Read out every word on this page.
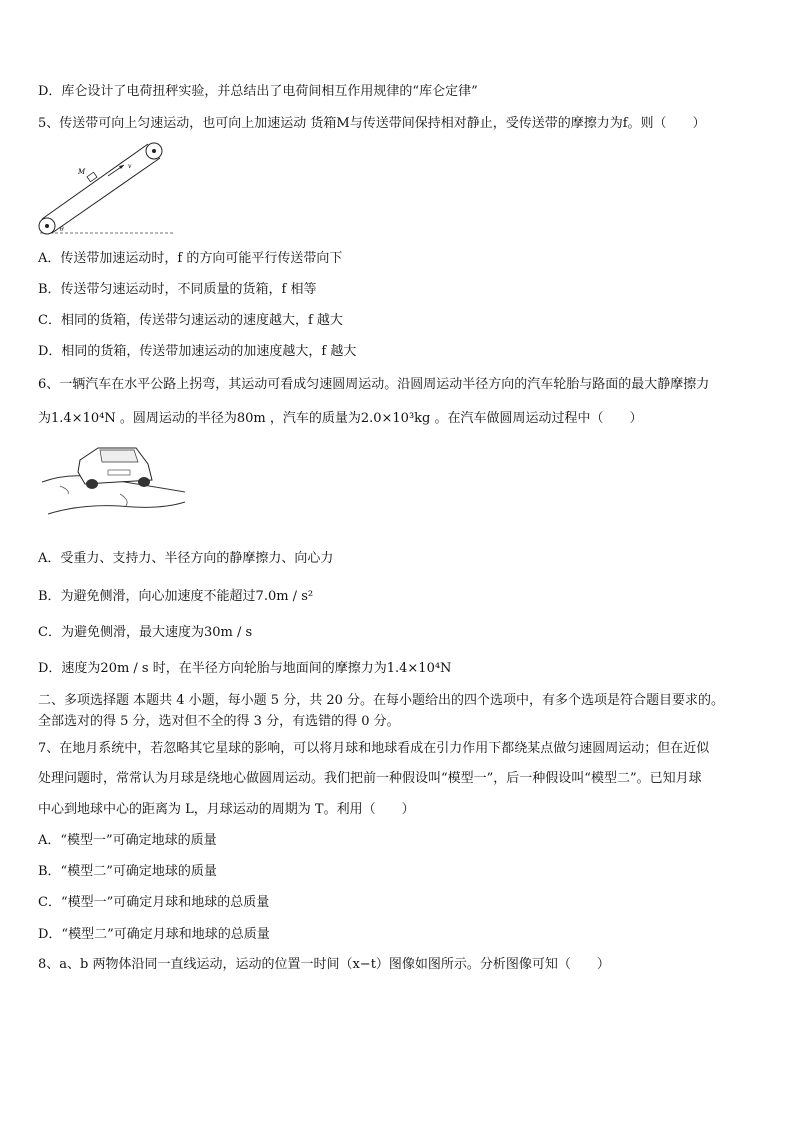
D．库仑设计了电荷扭秤实验，并总结出了电荷间相互作用规律的“库仑定律”
5、传送带可向上匀速运动，也可向上加速运动 货箱M与传送带间保持相对静止，受传送带的摩擦力为f。则（　　）
M
v
θ
A．传送带加速运动时，f 的方向可能平行传送带向下
B．传送带匀速运动时，不同质量的货箱，f 相等
C．相同的货箱，传送带匀速运动的速度越大，f 越大
D．相同的货箱，传送带加速运动的加速度越大，f 越大
6、一辆汽车在水平公路上拐弯，其运动可看成匀速圆周运动。沿圆周运动半径方向的汽车轮胎与路面的最大静摩擦力
为1.4×10⁴N 。圆周运动的半径为80m ，汽车的质量为2.0×10³kg 。在汽车做圆周运动过程中（　　）
A．受重力、支持力、半径方向的静摩擦力、向心力
B．为避免侧滑，向心加速度不能超过7.0m / s²
C．为避免侧滑，最大速度为30m / s
D．速度为20m / s 时，在半径方向轮胎与地面间的摩擦力为1.4×10⁴N
二、多项选择题 本题共 4 小题，每小题 5 分，共 20 分。在每小题给出的四个选项中，有多个选项是符合题目要求的。
全部选对的得 5 分，选对但不全的得 3 分，有选错的得 0 分。
7、在地月系统中，若忽略其它星球的影响，可以将月球和地球看成在引力作用下都绕某点做匀速圆周运动；但在近似
处理问题时，常常认为月球是绕地心做圆周运动。我们把前一种假设叫“模型一”，后一种假设叫“模型二”。已知月球
中心到地球中心的距离为 L，月球运动的周期为 T。利用（　　）
A．“模型一”可确定地球的质量
B．“模型二”可确定地球的质量
C．“模型一”可确定月球和地球的总质量
D．“模型二”可确定月球和地球的总质量
8、a、b 两物体沿同一直线运动，运动的位置一时间（x−t）图像如图所示。分析图像可知（　　）
